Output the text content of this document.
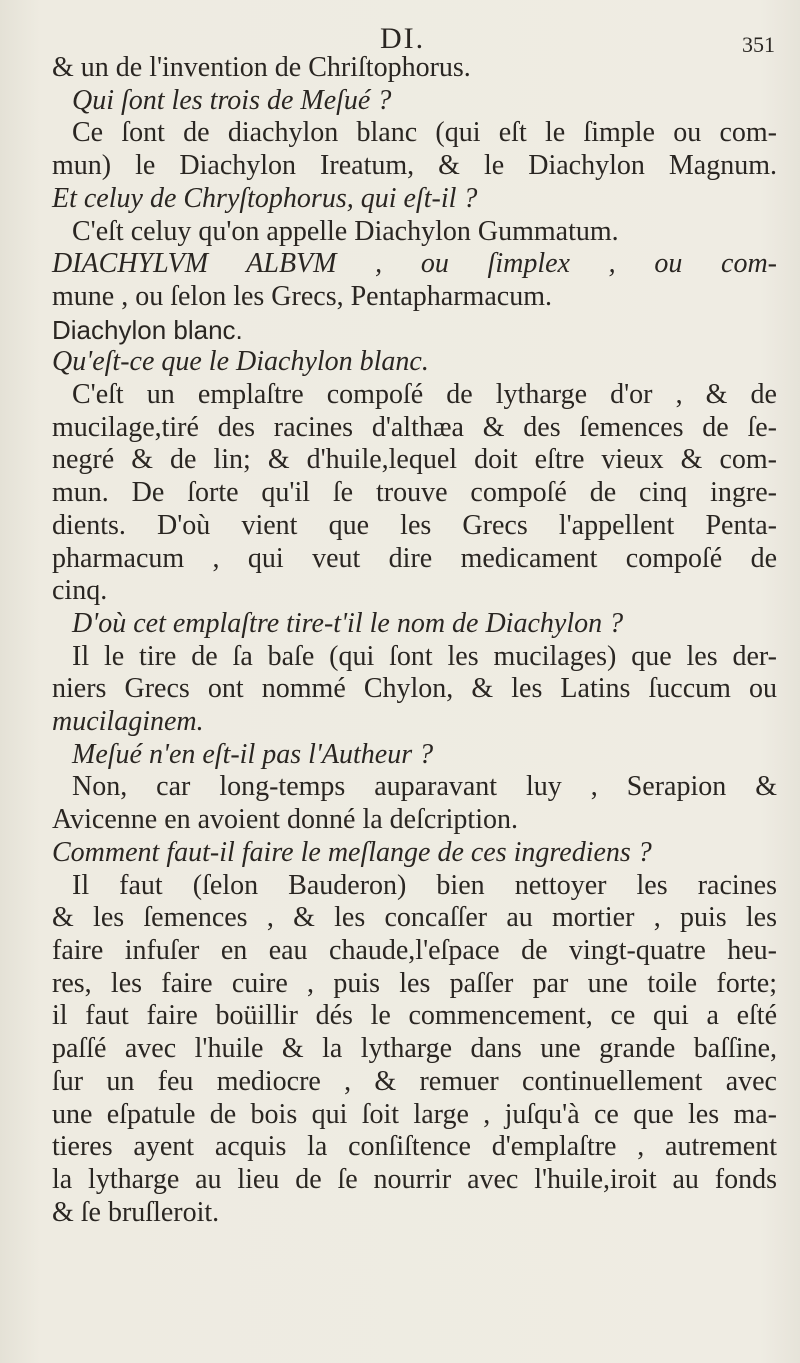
DI.	351
& un de l'invention de Chriſtophorus.
Qui ſont les trois de Meſué ?
Ce ſont de diachylon blanc (qui eſt le ſimple ou com-
mun) le Diachylon Ireatum, & le Diachylon Magnum.
Et celuy de Chryſtophorus, qui eſt-il ?
C'eſt celuy qu'on appelle Diachylon Gummatum.
DIACHYLVM ALBVM , ou ſimplex , ou com-
mune , ou ſelon les Grecs, Pentapharmacum.
Diachylon blanc.
Qu'eſt-ce que le Diachylon blanc.
C'eſt un emplaſtre compoſé de lytharge d'or , & de
mucilage,tiré des racines d'althæa & des ſemences de ſe-
negré & de lin; & d'huile,lequel doit eſtre vieux & com-
mun. De ſorte qu'il ſe trouve compoſé de cinq ingre-
dients. D'où vient que les Grecs l'appellent Penta-
pharmacum , qui veut dire medicament compoſé de
cinq.
D'où cet emplaſtre tire-t'il le nom de Diachylon ?
Il le tire de ſa baſe (qui ſont les mucilages) que les der-
niers Grecs ont nommé Chylon, & les Latins ſuccum ou
mucilaginem.
Meſué n'en eſt-il pas l'Autheur ?
Non, car long-temps auparavant luy , Serapion &
Avicenne en avoient donné la deſcription.
Comment faut-il faire le meſlange de ces ingrediens ?
Il faut (ſelon Bauderon) bien nettoyer les racines
& les ſemences , & les concaſſer au mortier , puis les
faire infuſer en eau chaude,l'eſpace de vingt-quatre heu-
res, les faire cuire , puis les paſſer par une toile forte;
il faut faire boüillir dés le commencement, ce qui a eſté
paſſé avec l'huile & la lytharge dans une grande baſſine,
ſur un feu mediocre , & remuer continuellement avec
une eſpatule de bois qui ſoit large , juſqu'à ce que les ma-
tieres ayent acquis la conſiſtence d'emplaſtre , autrement
la lytharge au lieu de ſe nourrir avec l'huile,iroit au fonds
& ſe bruſleroit.
